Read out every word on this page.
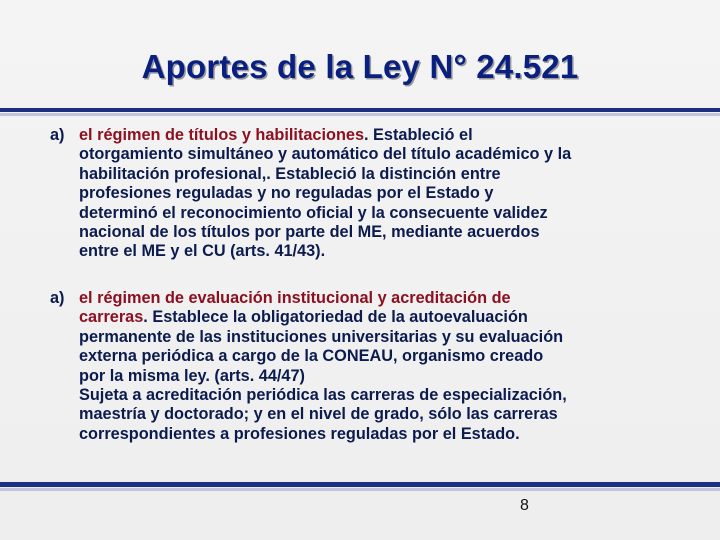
Aportes de la Ley N° 24.521
a) el régimen de títulos y habilitaciones. Estableció el
otorgamiento simultáneo y automático del título académico y la
habilitación profesional,. Estableció la distinción entre
profesiones reguladas y no reguladas por el Estado y
determinó el reconocimiento oficial y la consecuente validez
nacional de los títulos por parte del ME, mediante acuerdos
entre el ME y el CU (arts. 41/43).
a) el régimen de evaluación institucional y acreditación de
carreras. Establece la obligatoriedad de la autoevaluación
permanente de las instituciones universitarias y su evaluación
externa periódica a cargo de la CONEAU, organismo creado
por la misma ley. (arts. 44/47)
Sujeta a acreditación periódica las carreras de especialización,
maestría y doctorado; y en el nivel de grado, sólo las carreras
correspondientes a profesiones reguladas por el Estado.
8
